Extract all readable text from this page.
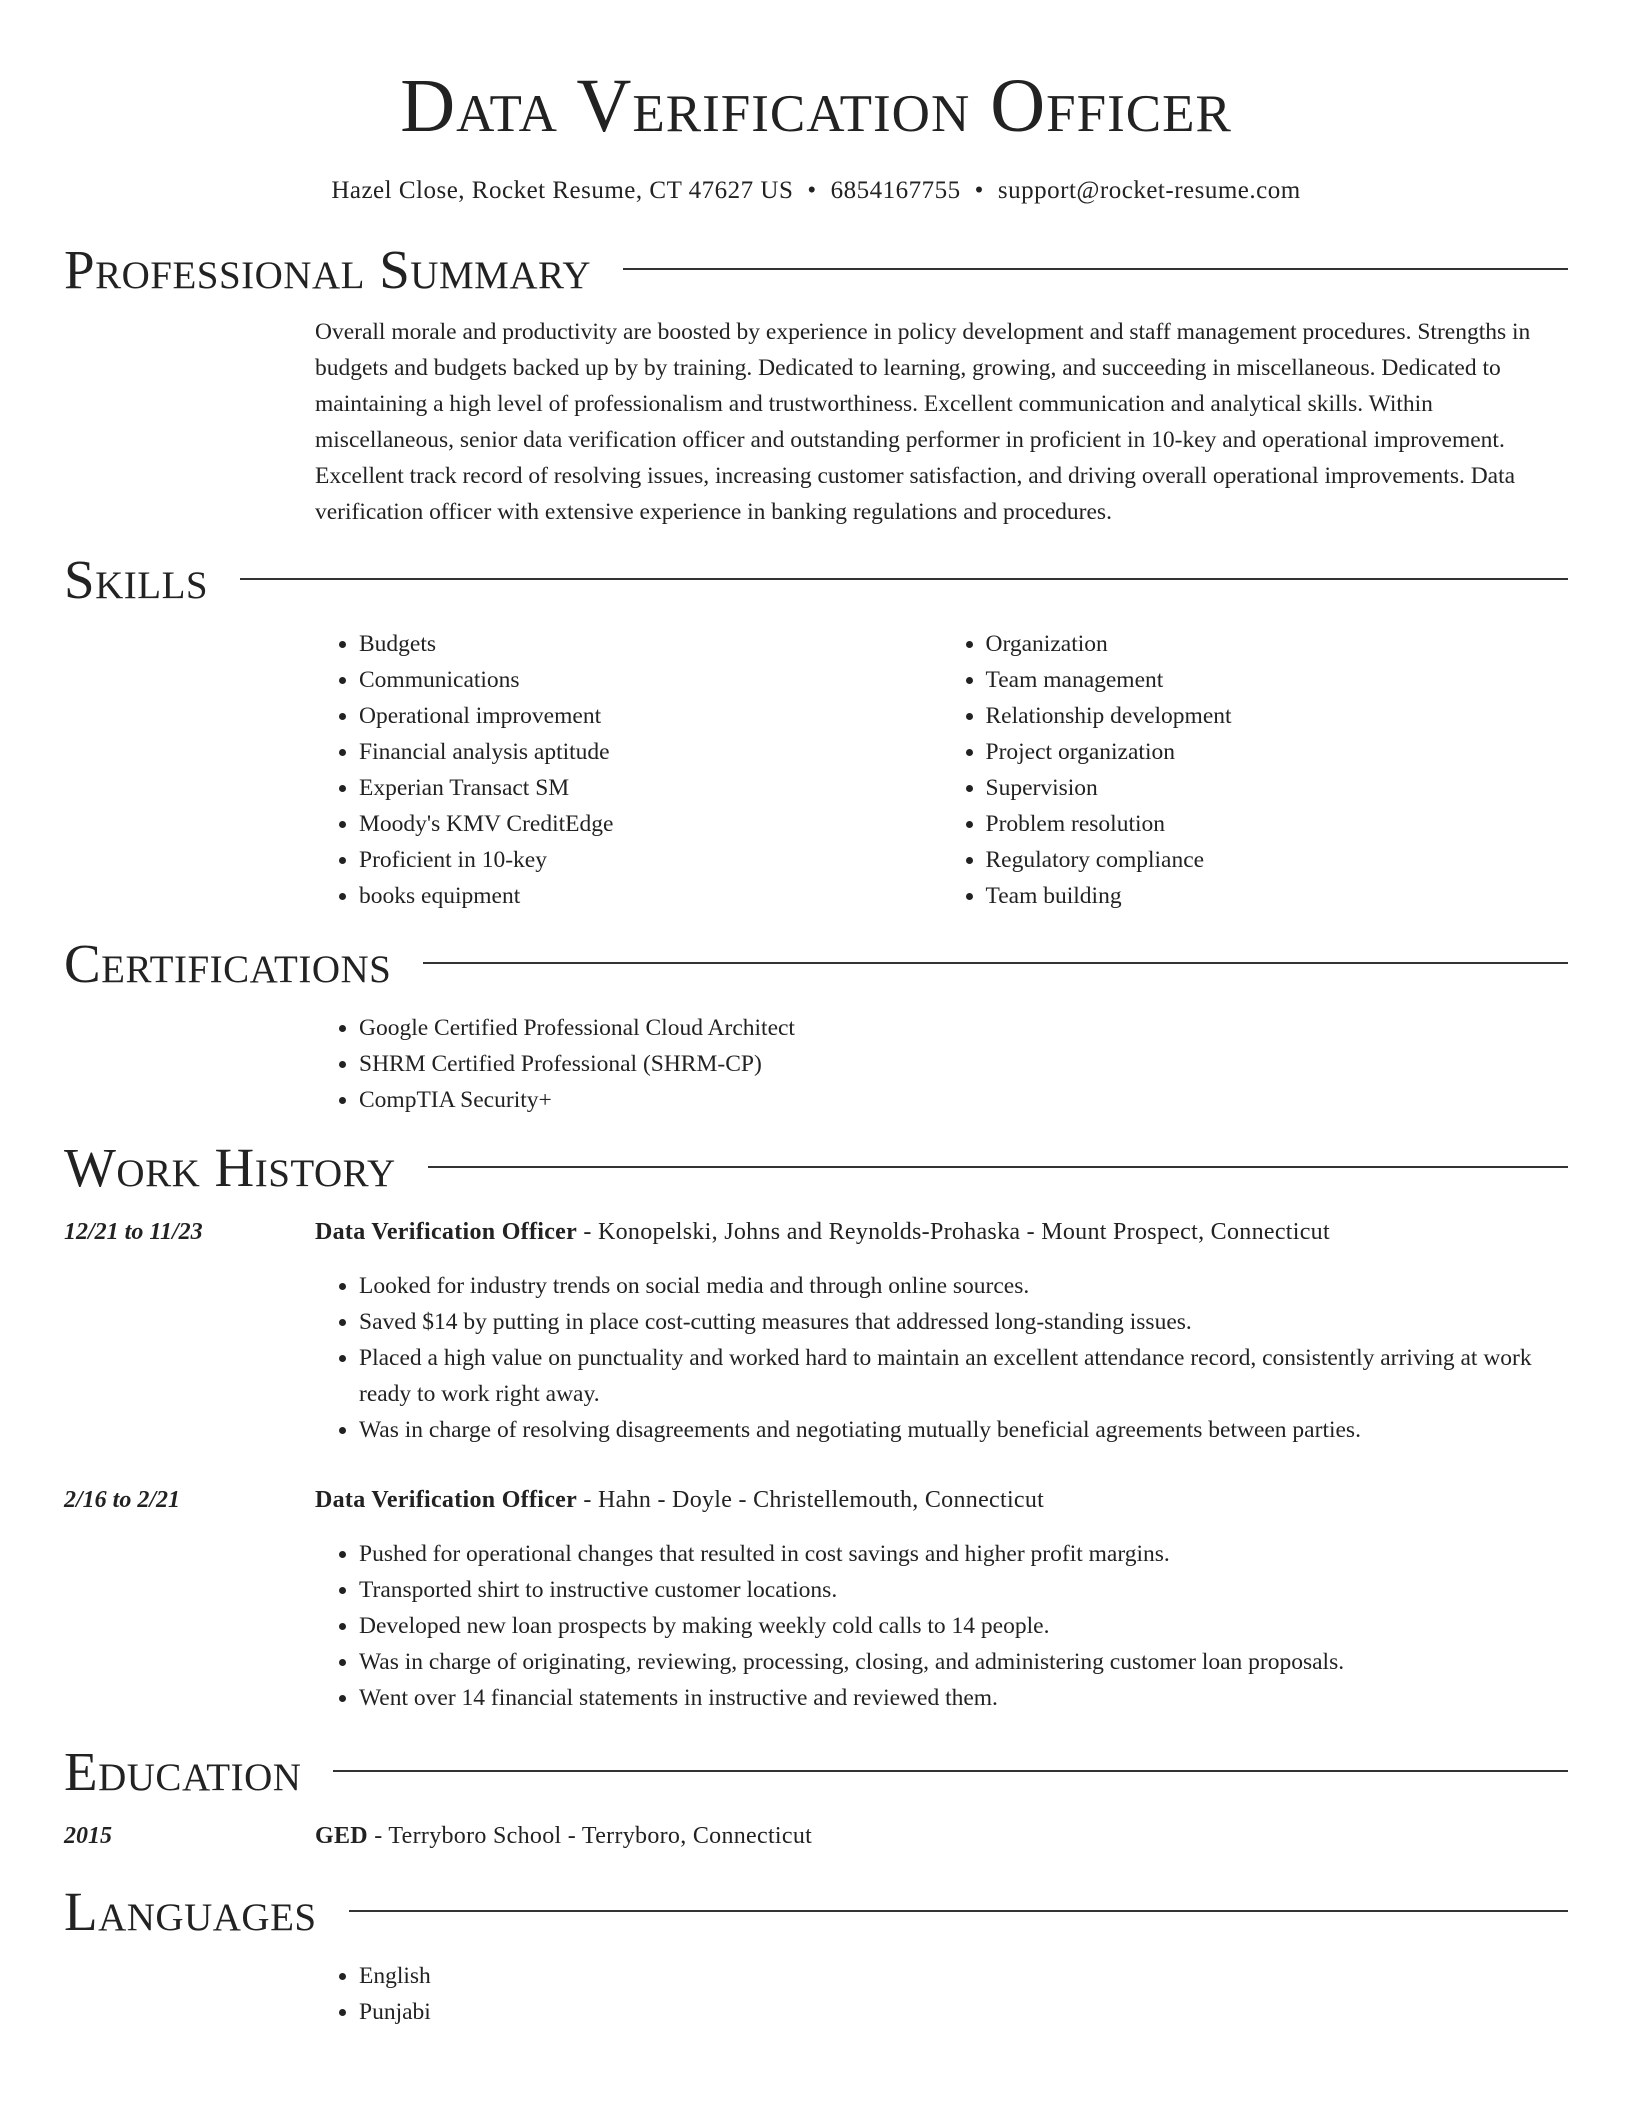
Data Verification Officer
Hazel Close, Rocket Resume, CT 47627 US • 6854167755 • support@rocket-resume.com
Professional Summary

Overall morale and productivity are boosted by experience in policy development and staff management procedures. Strengths in budgets and budgets backed up by by training. Dedicated to learning, growing, and succeeding in miscellaneous. Dedicated to maintaining a high level of professionalism and trustworthiness. Excellent communication and analytical skills. Within miscellaneous, senior data verification officer and outstanding performer in proficient in 10-key and operational improvement. Excellent track record of resolving issues, increasing customer satisfaction, and driving overall operational improvements. Data verification officer with extensive experience in banking regulations and procedures.

Skills
• Budgets
• Communications
• Operational improvement
• Financial analysis aptitude
• Experian Transact SM
• Moody's KMV CreditEdge
• Proficient in 10-key
• books equipment
• Organization
• Team management
• Relationship development
• Project organization
• Supervision
• Problem resolution
• Regulatory compliance
• Team building
Certifications
• Google Certified Professional Cloud Architect
• SHRM Certified Professional (SHRM-CP)
• CompTIA Security+
Work History
12/21 to 11/23	Data Verification Officer - Konopelski, Johns and Reynolds-Prohaska - Mount Prospect, Connecticut
• Looked for industry trends on social media and through online sources.
• Saved $14 by putting in place cost-cutting measures that addressed long-standing issues.
• Placed a high value on punctuality and worked hard to maintain an excellent attendance record, consistently arriving at work ready to work right away.
• Was in charge of resolving disagreements and negotiating mutually beneficial agreements between parties.
2/16 to 2/21	Data Verification Officer - Hahn - Doyle - Christellemouth, Connecticut
• Pushed for operational changes that resulted in cost savings and higher profit margins.
• Transported shirt to instructive customer locations.
• Developed new loan prospects by making weekly cold calls to 14 people.
• Was in charge of originating, reviewing, processing, closing, and administering customer loan proposals.
• Went over 14 financial statements in instructive and reviewed them.
Education
2015	GED - Terryboro School - Terryboro, Connecticut
Languages
• English
• Punjabi
